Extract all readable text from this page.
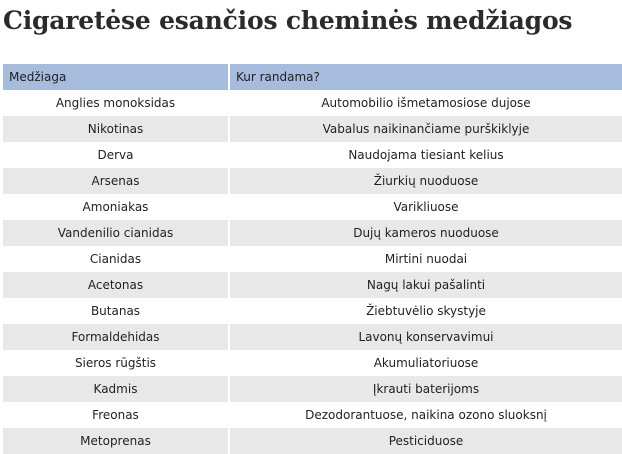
Cigaretėse esančios cheminės medžiagos
Medžiaga	Kur randama?
Anglies monoksidas	Automobilio išmetamosiose dujose
Nikotinas	Vabalus naikinančiame purškiklyje
Derva	Naudojama tiesiant kelius
Arsenas	Žiurkių nuoduose
Amoniakas	Varikliuose
Vandenilio cianidas	Dujų kameros nuoduose
Cianidas	Mirtini nuodai
Acetonas	Nagų lakui pašalinti
Butanas	Žiebtuvėlio skystyje
Formaldehidas	Lavonų konservavimui
Sieros rūgštis	Akumuliatoriuose
Kadmis	Įkrauti baterijoms
Freonas	Dezodorantuose, naikina ozono sluoksnį
Metoprenas	Pesticiduose
